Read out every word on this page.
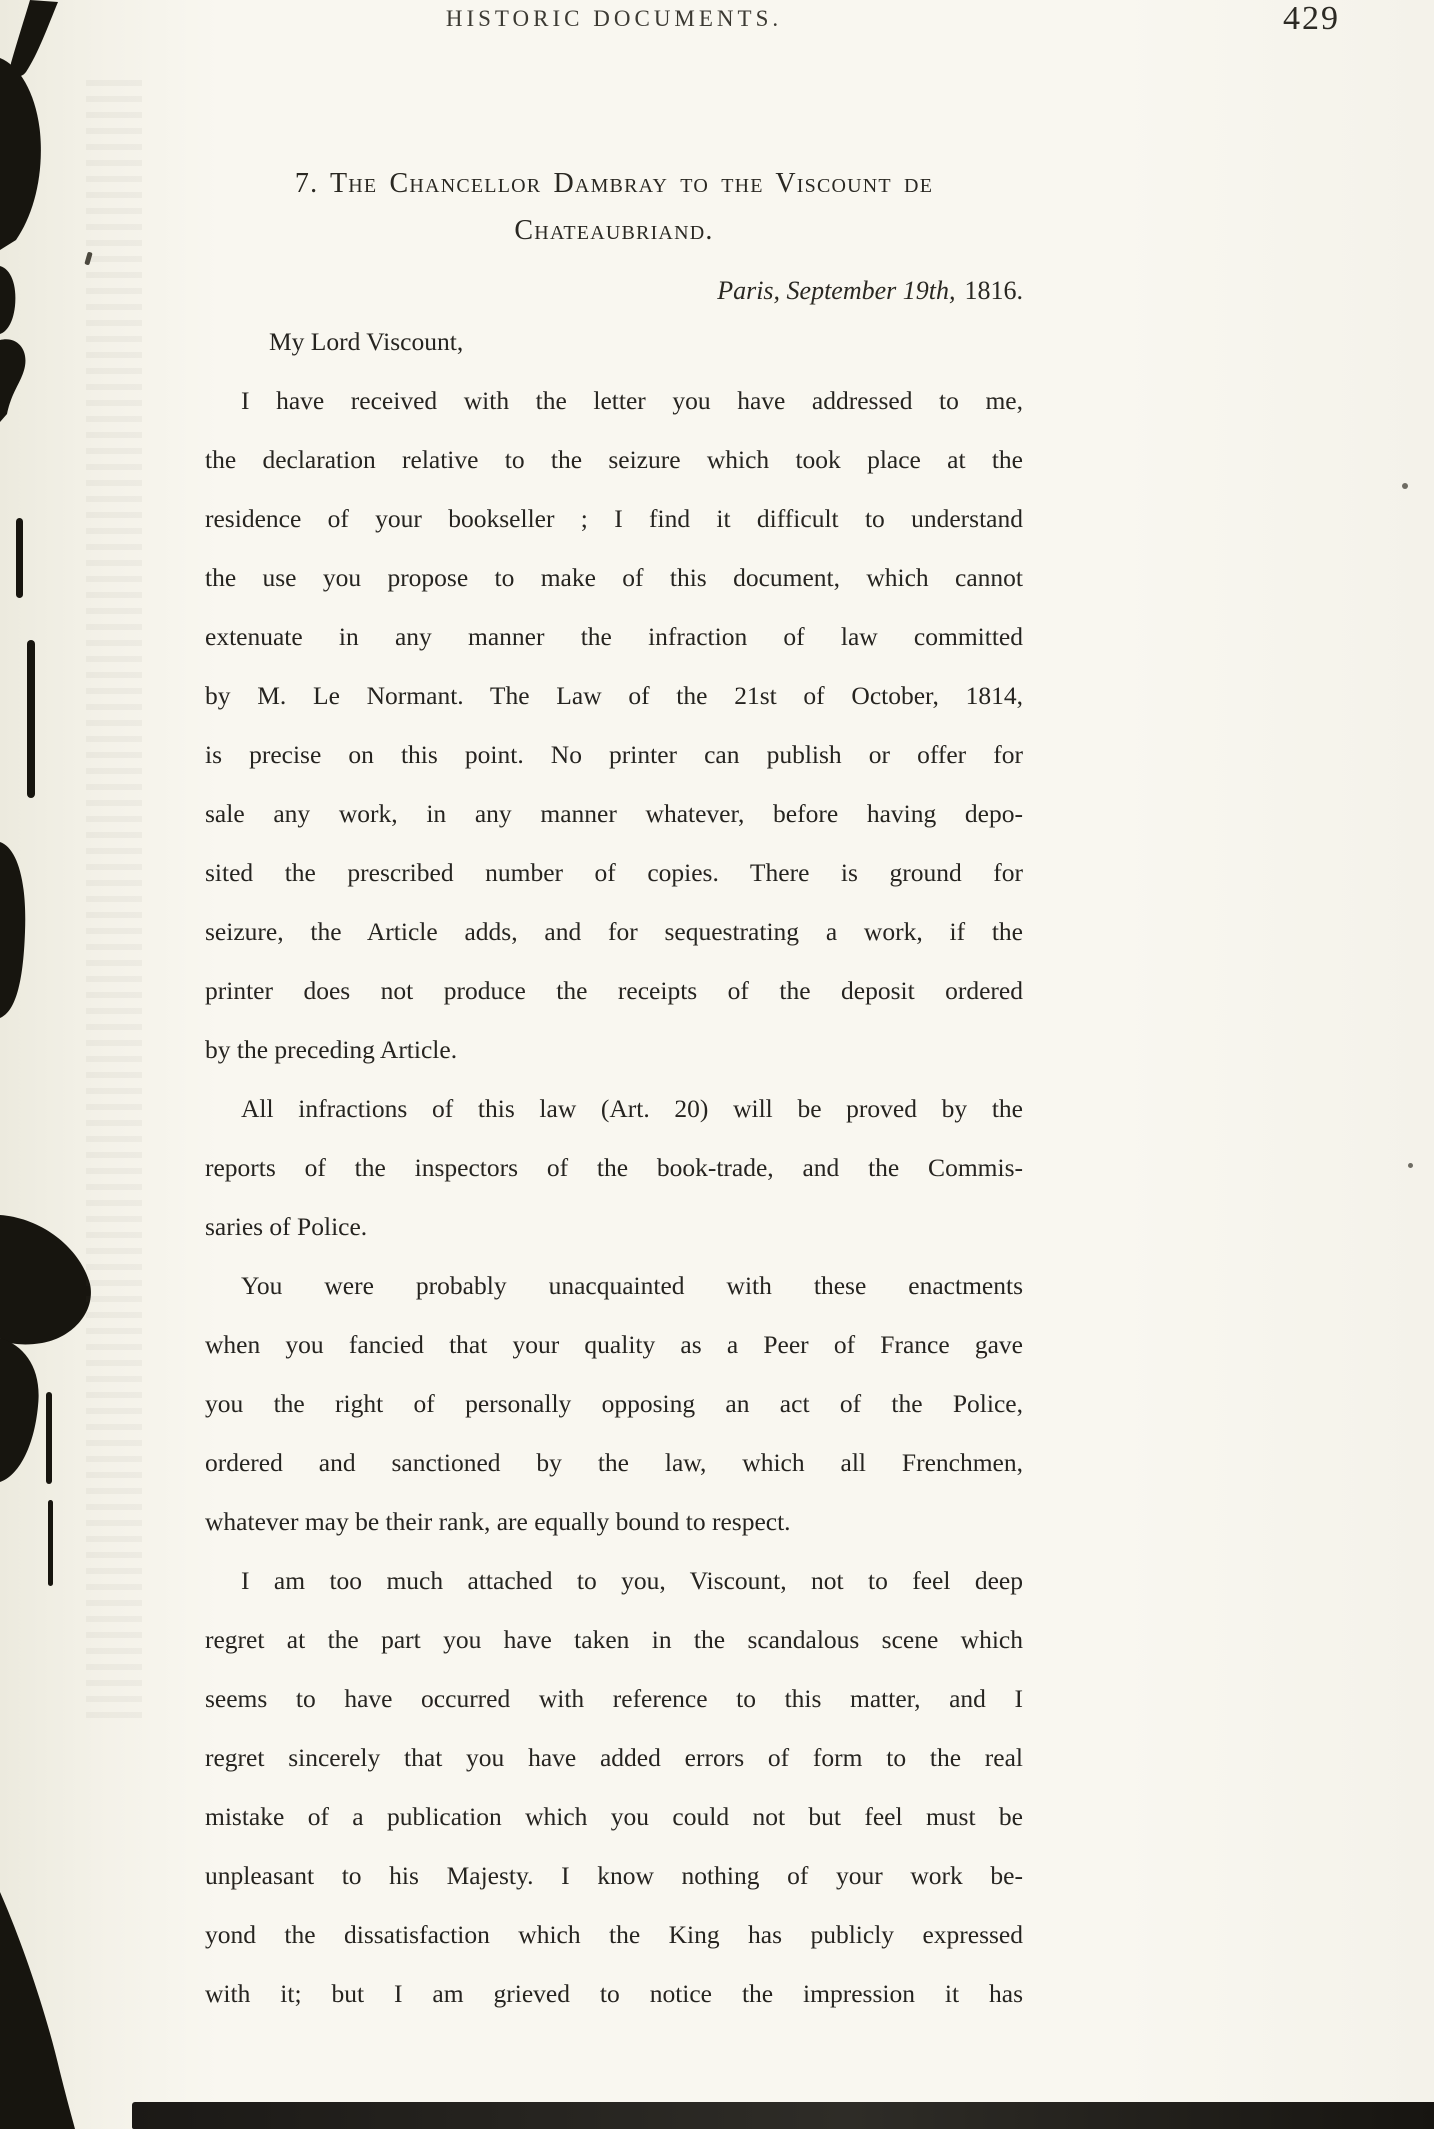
HISTORIC DOCUMENTS.	429
7. The Chancellor Dambray to the Viscount de
Chateaubriand.
Paris, September 19th, 1816.
My Lord Viscount,
I have received with the letter you have addressed to me,
the declaration relative to the seizure which took place at the
residence of your bookseller ; I find it difficult to understand
the use you propose to make of this document, which cannot
extenuate in any manner the infraction of law committed
by M. Le Normant. The Law of the 21st of October, 1814,
is precise on this point. No printer can publish or offer for
sale any work, in any manner whatever, before having depo-
sited the prescribed number of copies. There is ground for
seizure, the Article adds, and for sequestrating a work, if the
printer does not produce the receipts of the deposit ordered
by the preceding Article.
All infractions of this law (Art. 20) will be proved by the
reports of the inspectors of the book-trade, and the Commis-
saries of Police.
You were probably unacquainted with these enactments
when you fancied that your quality as a Peer of France gave
you the right of personally opposing an act of the Police,
ordered and sanctioned by the law, which all Frenchmen,
whatever may be their rank, are equally bound to respect.
I am too much attached to you, Viscount, not to feel deep
regret at the part you have taken in the scandalous scene which
seems to have occurred with reference to this matter, and I
regret sincerely that you have added errors of form to the real
mistake of a publication which you could not but feel must be
unpleasant to his Majesty. I know nothing of your work be-
yond the dissatisfaction which the King has publicly expressed
with it; but I am grieved to notice the impression it has
